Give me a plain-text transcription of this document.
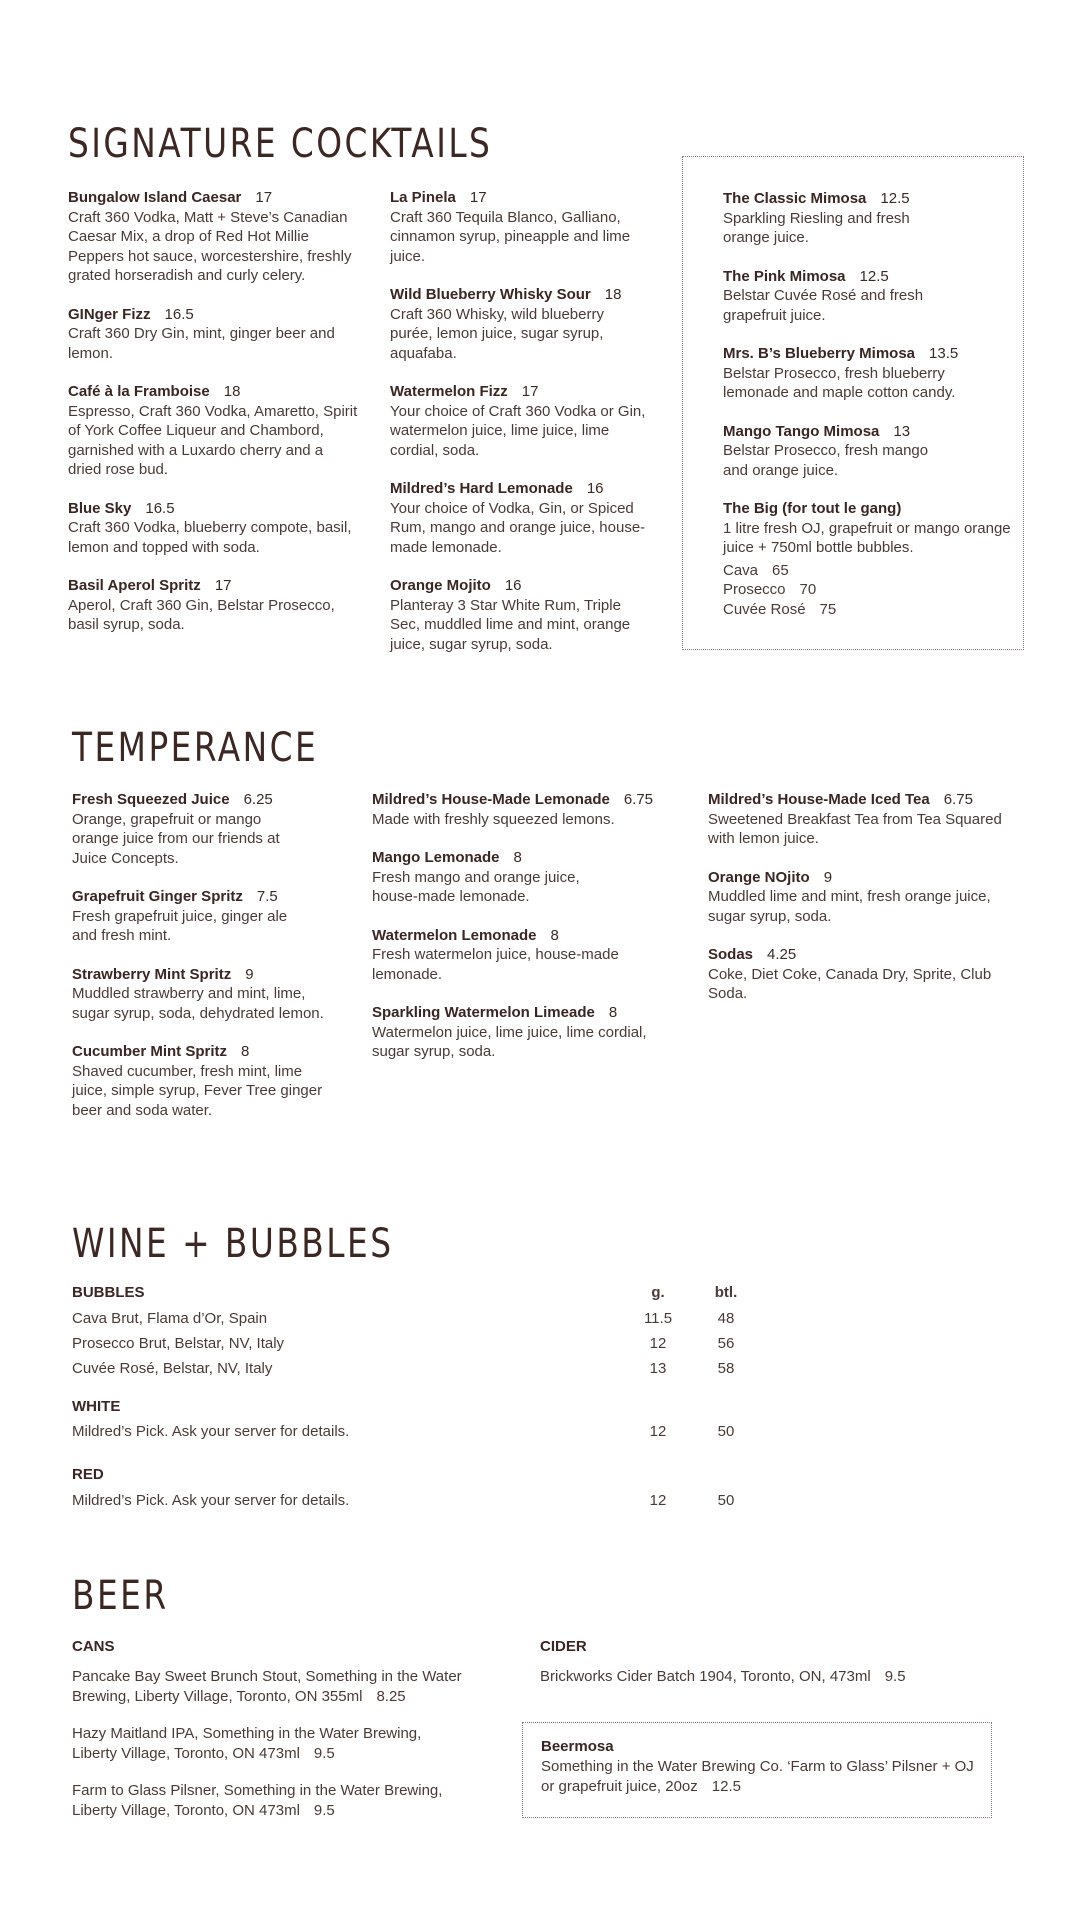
SIGNATURE COCKTAILS
Bungalow Island Caesar 17
Craft 360 Vodka, Matt + Steve’s Canadian Caesar Mix, a drop of Red Hot Millie Peppers hot sauce, worcestershire, freshly grated horseradish and curly celery.
GINger Fizz 16.5
Craft 360 Dry Gin, mint, ginger beer and lemon.
Café à la Framboise 18
Espresso, Craft 360 Vodka, Amaretto, Spirit of York Coffee Liqueur and Chambord, garnished with a Luxardo cherry and a dried rose bud.
Blue Sky 16.5
Craft 360 Vodka, blueberry compote, basil, lemon and topped with soda.
Basil Aperol Spritz 17
Aperol, Craft 360 Gin, Belstar Prosecco, basil syrup, soda.
La Pinela 17
Craft 360 Tequila Blanco, Galliano, cinnamon syrup, pineapple and lime juice.
Wild Blueberry Whisky Sour 18
Craft 360 Whisky, wild blueberry purée, lemon juice, sugar syrup, aquafaba.
Watermelon Fizz 17
Your choice of Craft 360 Vodka or Gin, watermelon juice, lime juice, lime cordial, soda.
Mildred’s Hard Lemonade 16
Your choice of Vodka, Gin, or Spiced Rum, mango and orange juice, house-made lemonade.
Orange Mojito 16
Planteray 3 Star White Rum, Triple Sec, muddled lime and mint, orange juice, sugar syrup, soda.
The Classic Mimosa 12.5
Sparkling Riesling and fresh orange juice.
The Pink Mimosa 12.5
Belstar Cuvée Rosé and fresh grapefruit juice.
Mrs. B’s Blueberry Mimosa 13.5
Belstar Prosecco, fresh blueberry lemonade and maple cotton candy.
Mango Tango Mimosa 13
Belstar Prosecco, fresh mango and orange juice.
The Big (for tout le gang)
1 litre fresh OJ, grapefruit or mango orange juice + 750ml bottle bubbles.
Cava 65
Prosecco 70
Cuvée Rosé 75
TEMPERANCE
Fresh Squeezed Juice 6.25
Orange, grapefruit or mango orange juice from our friends at Juice Concepts.
Grapefruit Ginger Spritz 7.5
Fresh grapefruit juice, ginger ale and fresh mint.
Strawberry Mint Spritz 9
Muddled strawberry and mint, lime, sugar syrup, soda, dehydrated lemon.
Cucumber Mint Spritz 8
Shaved cucumber, fresh mint, lime juice, simple syrup, Fever Tree ginger beer and soda water.
Mildred’s House-Made Lemonade 6.75
Made with freshly squeezed lemons.
Mango Lemonade 8
Fresh mango and orange juice, house-made lemonade.
Watermelon Lemonade 8
Fresh watermelon juice, house-made lemonade.
Sparkling Watermelon Limeade 8
Watermelon juice, lime juice, lime cordial, sugar syrup, soda.
Mildred’s House-Made Iced Tea 6.75
Sweetened Breakfast Tea from Tea Squared with lemon juice.
Orange NOjito 9
Muddled lime and mint, fresh orange juice, sugar syrup, soda.
Sodas 4.25
Coke, Diet Coke, Canada Dry, Sprite, Club Soda.
WINE + BUBBLES
BUBBLES	g.	btl.
Cava Brut, Flama d’Or, Spain	11.5	48
Prosecco Brut, Belstar, NV, Italy	12	56
Cuvée Rosé, Belstar, NV, Italy	13	58
WHITE
Mildred’s Pick. Ask your server for details.	12	50
RED
Mildred’s Pick. Ask your server for details.	12	50
BEER
CANS
Pancake Bay Sweet Brunch Stout, Something in the Water Brewing, Liberty Village, Toronto, ON 355ml 8.25
Hazy Maitland IPA, Something in the Water Brewing, Liberty Village, Toronto, ON 473ml 9.5
Farm to Glass Pilsner, Something in the Water Brewing, Liberty Village, Toronto, ON 473ml 9.5
CIDER
Brickworks Cider Batch 1904, Toronto, ON, 473ml 9.5
Beermosa
Something in the Water Brewing Co. ‘Farm to Glass’ Pilsner + OJ or grapefruit juice, 20oz 12.5
